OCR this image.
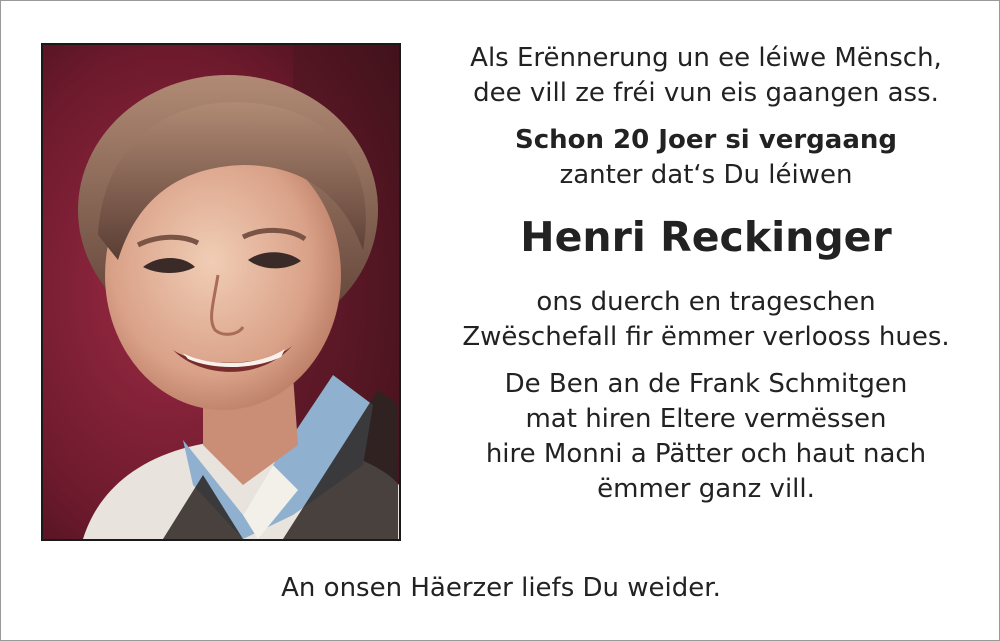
Als Erënnerung un ee léiwe Mënsch,
dee vill ze fréi vun eis gaangen ass.
Schon 20 Joer si vergaang
zanter dat‘s Du léiwen
Henri Reckinger
ons duerch en trageschen
Zwëschefall fir ëmmer verlooss hues.
De Ben an de Frank Schmitgen
mat hiren Eltere vermëssen
hire Monni a Pätter och haut nach
ëmmer ganz vill.
An onsen Häerzer liefs Du weider.
